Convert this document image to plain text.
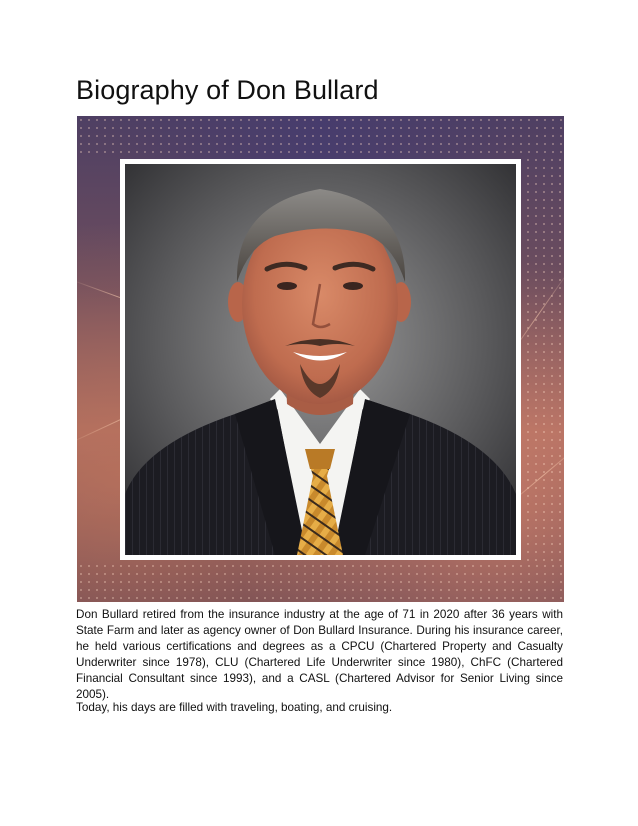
Biography of Don Bullard

Don Bullard retired from the insurance industry at the age of 71 in 2020 after 36 years with State Farm and later as agency owner of Don Bullard Insurance. During his insurance career, he held various certifications and degrees as a CPCU (Chartered Property and Casualty Underwriter since 1978), CLU (Chartered Life Underwriter since 1980), ChFC (Chartered Financial Consultant since 1993), and a CASL (Chartered Advisor for Senior Living since 2005).

Today, his days are filled with traveling, boating, and cruising.
